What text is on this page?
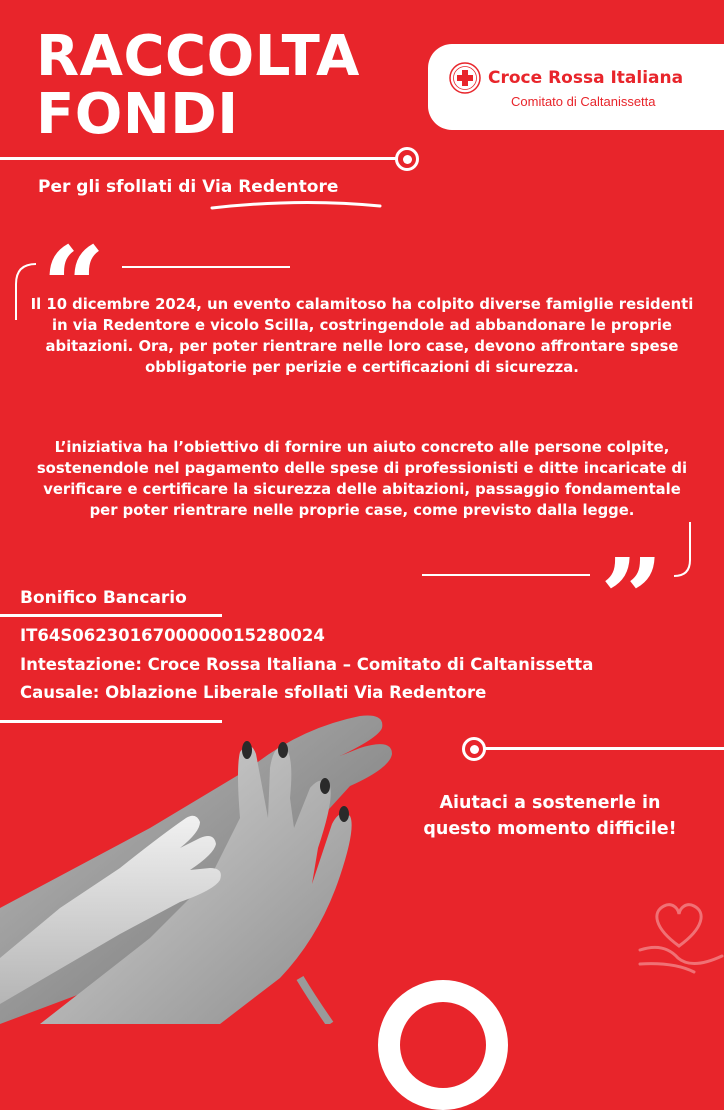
RACCOLTA
FONDI
Croce Rossa Italiana
Comitato di Caltanissetta
Per gli sfollati di Via Redentore
“

Il 10 dicembre 2024, un evento calamitoso ha colpito diverse famiglie residenti in via Redentore e vicolo Scilla, costringendole ad abbandonare le proprie abitazioni. Ora, per poter rientrare nelle loro case, devono affrontare spese obbligatorie per perizie e certificazioni di sicurezza.

L’iniziativa ha l’obiettivo di fornire un aiuto concreto alle persone colpite, sostenendole nel pagamento delle spese di professionisti e ditte incaricate di verificare e certificare la sicurezza delle abitazioni, passaggio fondamentale per poter rientrare nelle proprie case, come previsto dalla legge.

”
Bonifico Bancario
IT64S0623016700000015280024
Intestazione: Croce Rossa Italiana – Comitato di Caltanissetta
Causale: Oblazione Liberale sfollati Via Redentore

Aiutaci a sostenerle in questo momento difficile!
